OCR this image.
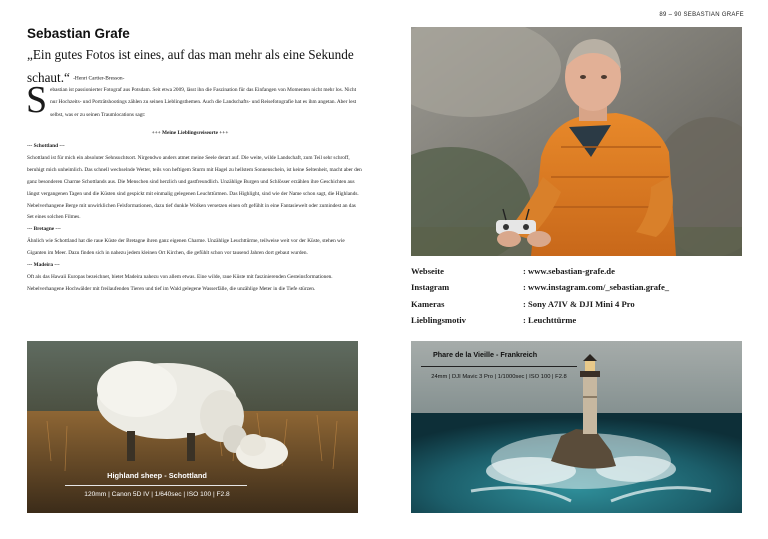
89 – 90 SEBASTIAN GRAFE
Sebastian Grafe
„Ein gutes Fotos ist eines, auf das man mehr als eine Sekunde schaut.“ -Henri Cartier-Bresson-
S ebastian ist passionierter Fotograf aus Potsdam. Seit etwa 2009, lässt ihn die Faszination für das Einfangen von Momenten nicht mehr los. Nicht nur Hochzeits- und Porträtshootings zählen zu seinen Lieblingsthemen. Auch die Landschafts- und Reisefotografie hat es ihm angetan. Aber lest selbst, was er zu seinen Traumlocations sagt:
+++ Meine Lieblingsreiseorte +++
--- Schottland ---
Schottland ist für mich ein absoluter Sehnsuchtsort. Nirgendwo anders atmet meine Seele derart auf. Die weite, wilde Landschaft, zum Teil sehr schroff, beruhigt mich unheimlich. Das schnell wechselnde Wetter, teils von heftigem Sturm mit Hagel zu hellstem Sonnenschein, ist keine Seltenheit, macht aber den ganz besonderen Charme Schottlands aus. Die Menschen sind herzlich und gastfreundlich. Unzählige Burgen und Schlösser erzählen ihre Geschichten aus längst vergangenen Tagen und die Küsten sind gespickt mit einmalig gelegenen Leuchttürmen. Das Highlight, sind wie der Name schon sagt, die Highlands. Nebelverhangene Berge mit unwirklichen Felsformationen, dazu tief dunkle Wolken versetzen einen oft gefühlt in eine Fantasiewelt oder zumindest an das Set eines solchen Filmes.
--- Bretagne ---
Ähnlich wie Schottland hat die raue Küste der Bretagne ihren ganz eigenen Charme. Unzählige Leuchttürme, teilweise weit vor der Küste, stehen wie Giganten im Meer. Dazu finden sich in nahezu jedem kleinen Ort Kirchen, die gefühlt schon vor tausend Jahren dort gebaut wurden.
--- Madeira ---
Oft als das Hawaii Europas bezeichnet, bietet Madeira nahezu von allem etwas. Eine wilde, raue Küste mit faszinierenden Gesteinsformationen. Nebelverhangene Hochwälder mit freilaufenden Tieren und tief im Wald gelegene Wasserfälle, die unzählige Meter in die Tiefe stürzen.
Webseite	: www.sebastian-grafe.de
Instagram	: www.instagram.com/_sebastian.grafe_
Kameras	: Sony A7IV & DJI Mini 4 Pro
Lieblingsmotiv	: Leuchttürme
Highland sheep - Schottland
120mm | Canon 5D IV | 1/640sec | ISO 100 | F2.8
Phare de la Vieille - Frankreich
24mm | DJI Mavic 3 Pro | 1/1000sec | ISO 100 | F2.8
